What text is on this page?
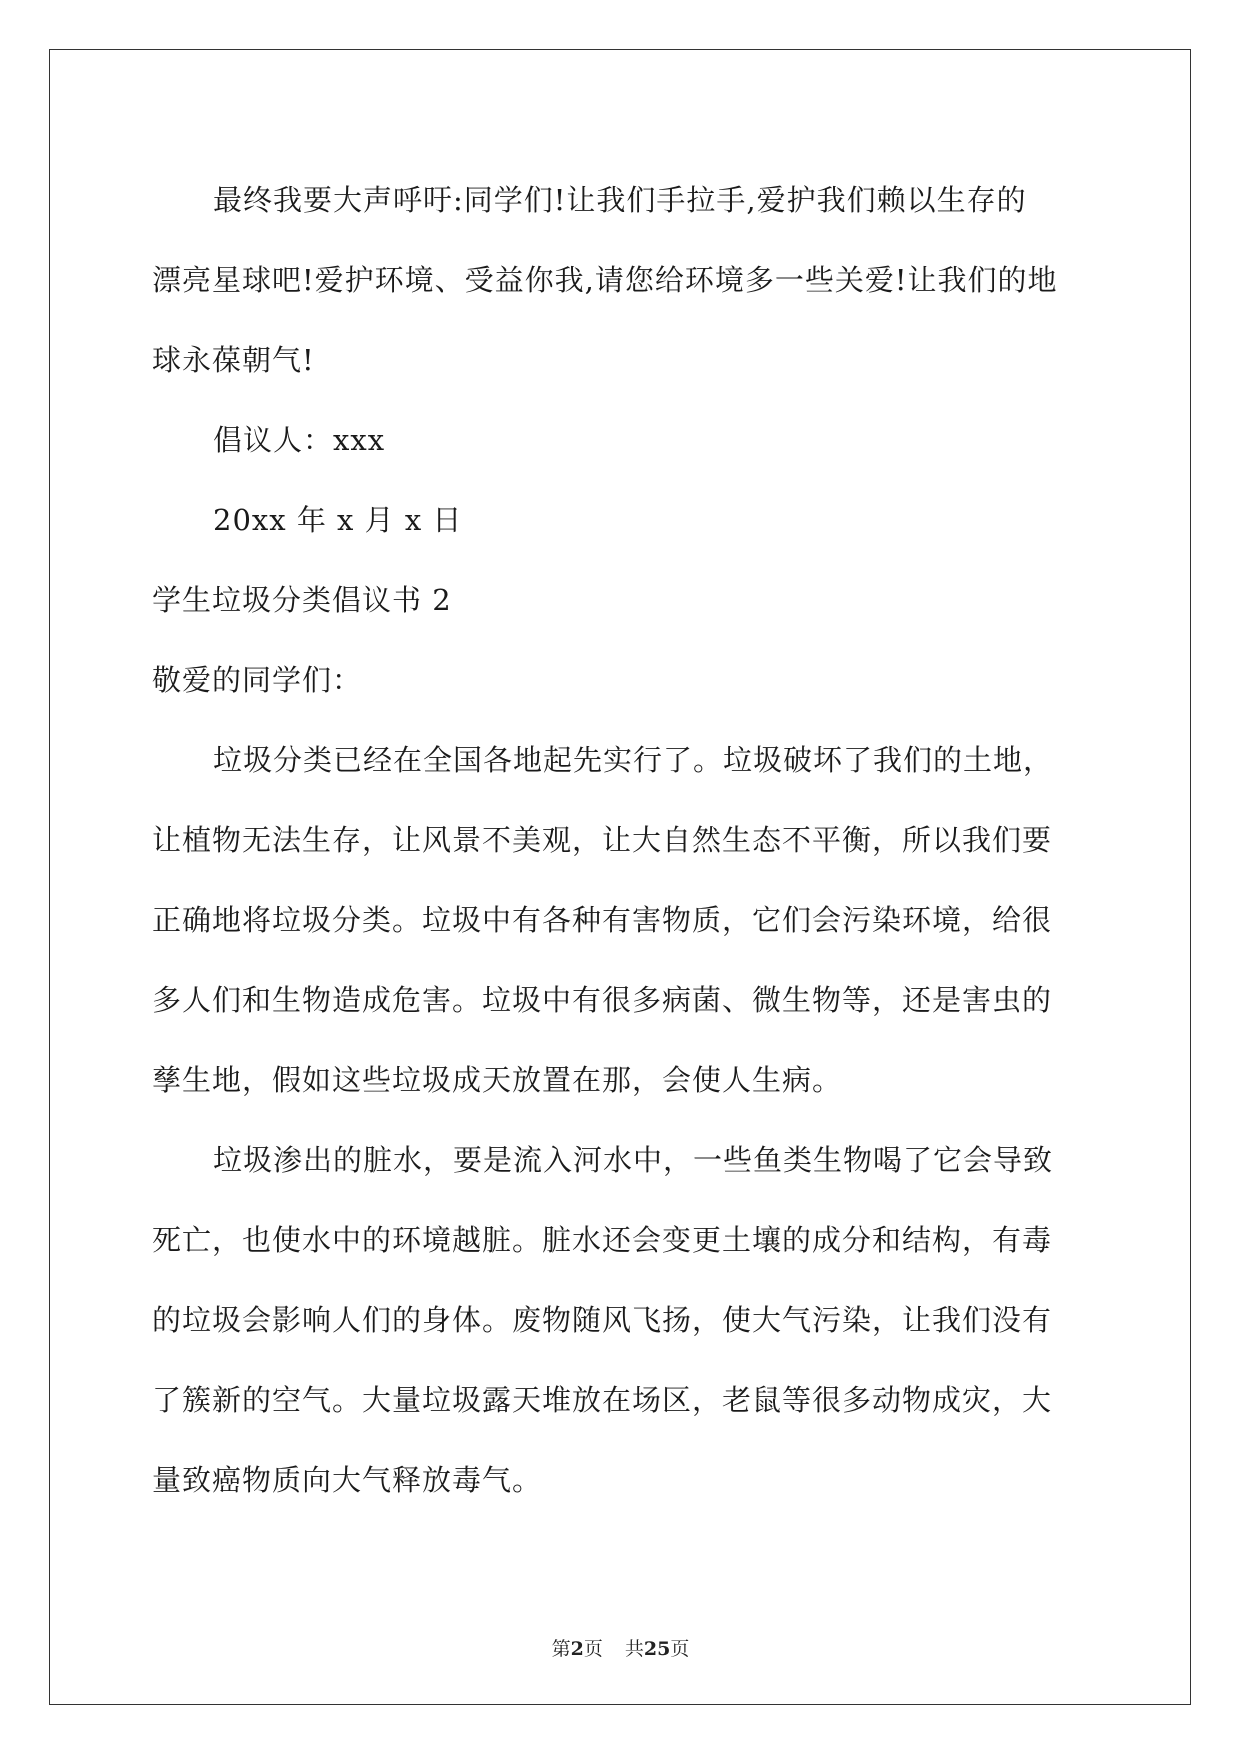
最终我要大声呼吁:同学们!让我们手拉手,爱护我们赖以生存的
漂亮星球吧!爱护环境、受益你我,请您给环境多一些关爱!让我们的地
球永葆朝气!
倡议人：xxx
20xx 年 x 月 x 日
学生垃圾分类倡议书 2
敬爱的同学们：
垃圾分类已经在全国各地起先实行了。垃圾破坏了我们的土地，
让植物无法生存，让风景不美观，让大自然生态不平衡，所以我们要
正确地将垃圾分类。垃圾中有各种有害物质，它们会污染环境，给很
多人们和生物造成危害。垃圾中有很多病菌、微生物等，还是害虫的
孳生地，假如这些垃圾成天放置在那，会使人生病。
垃圾渗出的脏水，要是流入河水中，一些鱼类生物喝了它会导致
死亡，也使水中的环境越脏。脏水还会变更土壤的成分和结构，有毒
的垃圾会影响人们的身体。废物随风飞扬，使大气污染，让我们没有
了簇新的空气。大量垃圾露天堆放在场区，老鼠等很多动物成灾，大
量致癌物质向大气释放毒气。
第2页 共25页
